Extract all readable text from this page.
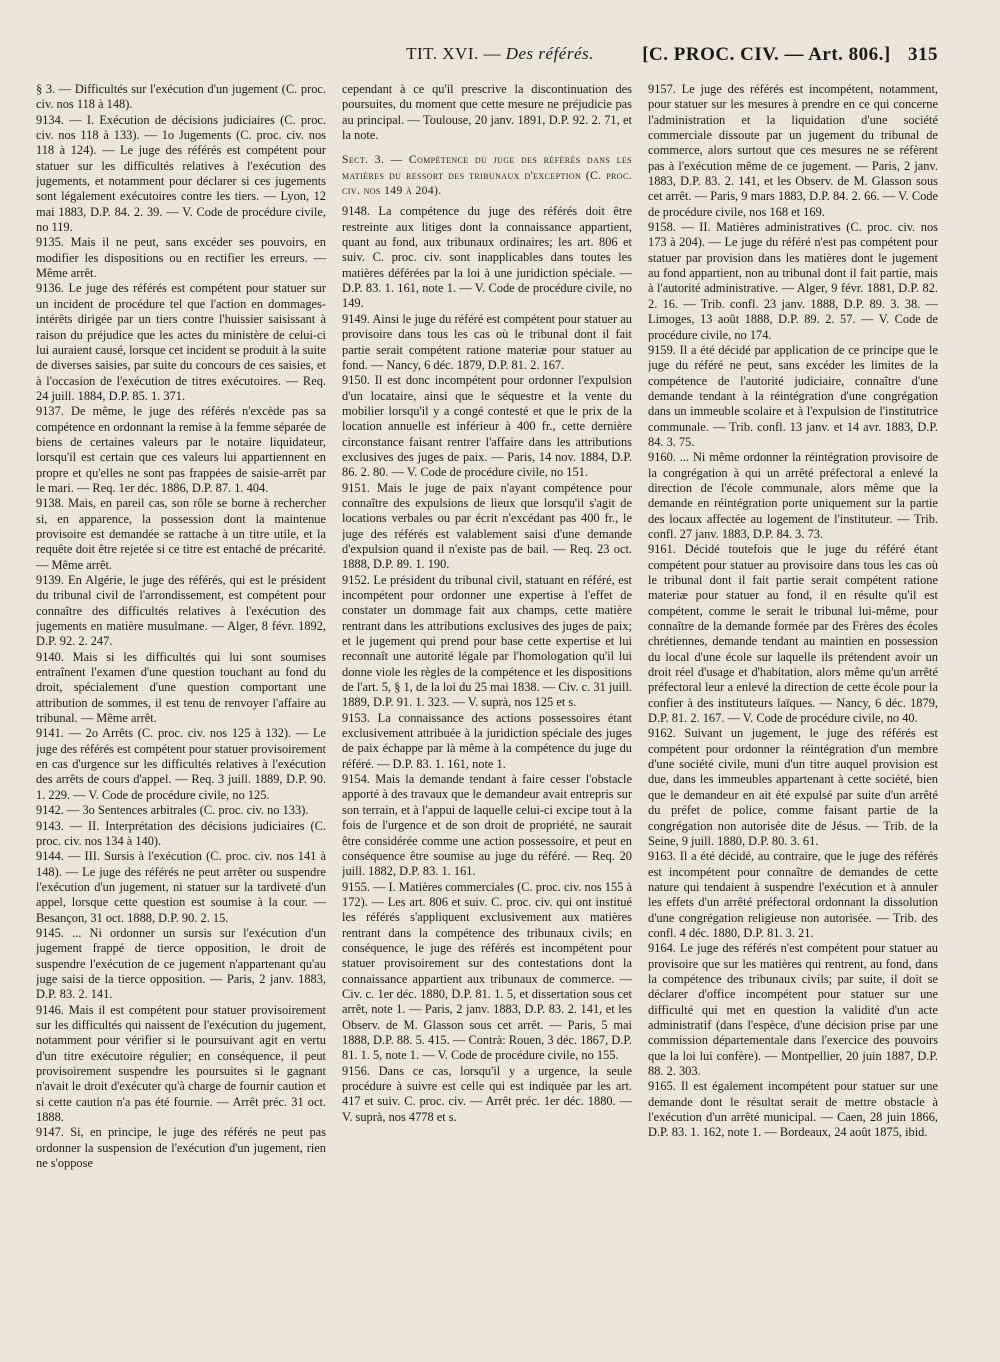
TIT. XVI. — Des référés.	[C. PROC. CIV. — Art. 806.] 315

§ 3. — Difficultés sur l'exécution d'un jugement (C. proc. civ. nos 118 à 148).

9134. — I. Exécution de décisions judiciaires (C. proc. civ. nos 118 à 133). — 1o Jugements (C. proc. civ. nos 118 à 124). — Le juge des référés est compétent pour statuer sur les difficultés relatives à l'exécution des jugements, et notamment pour déclarer si ces jugements sont légalement exécutoires contre les tiers. — Lyon, 12 mai 1883, D.P. 84. 2. 39. — V. Code de procédure civile, no 119.

9135. Mais il ne peut, sans excéder ses pouvoirs, en modifier les dispositions ou en rectifier les erreurs. — Même arrêt.

9136. Le juge des référés est compétent pour statuer sur un incident de procédure tel que l'action en dommages-intérêts dirigée par un tiers contre l'huissier saisissant à raison du préjudice que les actes du ministère de celui-ci lui auraient causé, lorsque cet incident se produit à la suite de diverses saisies, par suite du concours de ces saisies, et à l'occasion de l'exécution de titres exécutoires. — Req. 24 juill. 1884, D.P. 85. 1. 371.

9137. De même, le juge des référés n'excède pas sa compétence en ordonnant la remise à la femme séparée de biens de certaines valeurs par le notaire liquidateur, lorsqu'il est certain que ces valeurs lui appartiennent en propre et qu'elles ne sont pas frappées de saisie-arrêt par le mari. — Req. 1er déc. 1886, D.P. 87. 1. 404.

9138. Mais, en pareil cas, son rôle se borne à rechercher si, en apparence, la possession dont la maintenue provisoire est demandée se rattache à un titre utile, et la requête doit être rejetée si ce titre est entaché de précarité. — Même arrêt.

9139. En Algérie, le juge des référés, qui est le président du tribunal civil de l'arrondissement, est compétent pour connaître des difficultés relatives à l'exécution des jugements en matière musulmane. — Alger, 8 févr. 1892, D.P. 92. 2. 247.

9140. Mais si les difficultés qui lui sont soumises entraînent l'examen d'une question touchant au fond du droit, spécialement d'une question comportant une attribution de sommes, il est tenu de renvoyer l'affaire au tribunal. — Même arrêt.

9141. — 2o Arrêts (C. proc. civ. nos 125 à 132). — Le juge des référés est compétent pour statuer provisoirement en cas d'urgence sur les difficultés relatives à l'exécution des arrêts de cours d'appel. — Req. 3 juill. 1889, D.P. 90. 1. 229. — V. Code de procédure civile, no 125.

9142. — 3o Sentences arbitrales (C. proc. civ. no 133).

9143. — II. Interprétation des décisions judiciaires (C. proc. civ. nos 134 à 140).

9144. — III. Sursis à l'exécution (C. proc. civ. nos 141 à 148). — Le juge des référés ne peut arrêter ou suspendre l'exécution d'un jugement, ni statuer sur la tardiveté d'un appel, lorsque cette question est soumise à la cour. — Besançon, 31 oct. 1888, D.P. 90. 2. 15.

9145. ... Ni ordonner un sursis sur l'exécution d'un jugement frappé de tierce opposition, le droit de suspendre l'exécution de ce jugement n'appartenant qu'au juge saisi de la tierce opposition. — Paris, 2 janv. 1883, D.P. 83. 2. 141.

9146. Mais il est compétent pour statuer provisoirement sur les difficultés qui naissent de l'exécution du jugement, notamment pour vérifier si le poursuivant agit en vertu d'un titre exécutoire régulier; en conséquence, il peut provisoirement suspendre les poursuites si le gagnant n'avait le droit d'exécuter qu'à charge de fournir caution et si cette caution n'a pas été fournie. — Arrêt préc. 31 oct. 1888.

9147. Si, en principe, le juge des référés ne peut pas ordonner la suspension de l'exécution d'un jugement, rien ne s'oppose

cependant à ce qu'il prescrive la discontinuation des poursuites, du moment que cette mesure ne préjudicie pas au principal. — Toulouse, 20 janv. 1891, D.P. 92. 2. 71, et la note.

Sect. 3. — Compétence du juge des référés dans les matières du ressort des tribunaux d'exception (C. proc. civ. nos 149 à 204).

9148. La compétence du juge des référés doit être restreinte aux litiges dont la connaissance appartient, quant au fond, aux tribunaux ordinaires; les art. 806 et suiv. C. proc. civ. sont inapplicables dans toutes les matières déférées par la loi à une juridiction spéciale. — D.P. 83. 1. 161, note 1. — V. Code de procédure civile, no 149.

9149. Ainsi le juge du référé est compétent pour statuer au provisoire dans tous les cas où le tribunal dont il fait partie serait compétent ratione materiæ pour statuer au fond. — Nancy, 6 déc. 1879, D.P. 81. 2. 167.

9150. Il est donc incompétent pour ordonner l'expulsion d'un locataire, ainsi que le séquestre et la vente du mobilier lorsqu'il y a congé contesté et que le prix de la location annuelle est inférieur à 400 fr., cette dernière circonstance faisant rentrer l'affaire dans les attributions exclusives des juges de paix. — Paris, 14 nov. 1884, D.P. 86. 2. 80. — V. Code de procédure civile, no 151.

9151. Mais le juge de paix n'ayant compétence pour connaître des expulsions de lieux que lorsqu'il s'agit de locations verbales ou par écrit n'excédant pas 400 fr., le juge des référés est valablement saisi d'une demande d'expulsion quand il n'existe pas de bail. — Req. 23 oct. 1888, D.P. 89. 1. 190.

9152. Le président du tribunal civil, statuant en référé, est incompétent pour ordonner une expertise à l'effet de constater un dommage fait aux champs, cette matière rentrant dans les attributions exclusives des juges de paix; et le jugement qui prend pour base cette expertise et lui reconnaît une autorité légale par l'homologation qu'il lui donne viole les règles de la compétence et les dispositions de l'art. 5, § 1, de la loi du 25 mai 1838. — Civ. c. 31 juill. 1889, D.P. 91. 1. 323. — V. suprà, nos 125 et s.

9153. La connaissance des actions possessoires étant exclusivement attribuée à la juridiction spéciale des juges de paix échappe par là même à la compétence du juge du référé. — D.P. 83. 1. 161, note 1.

9154. Mais la demande tendant à faire cesser l'obstacle apporté à des travaux que le demandeur avait entrepris sur son terrain, et à l'appui de laquelle celui-ci excipe tout à la fois de l'urgence et de son droit de propriété, ne saurait être considérée comme une action possessoire, et peut en conséquence être soumise au juge du référé. — Req. 20 juill. 1882, D.P. 83. 1. 161.

9155. — I. Matières commerciales (C. proc. civ. nos 155 à 172). — Les art. 806 et suiv. C. proc. civ. qui ont institué les référés s'appliquent exclusivement aux matières rentrant dans la compétence des tribunaux civils; en conséquence, le juge des référés est incompétent pour statuer provisoirement sur des contestations dont la connaissance appartient aux tribunaux de commerce. — Civ. c. 1er déc. 1880, D.P. 81. 1. 5, et dissertation sous cet arrêt, note 1. — Paris, 2 janv. 1883, D.P. 83. 2. 141, et les Observ. de M. Glasson sous cet arrêt. — Paris, 5 mai 1888, D.P. 88. 5. 415. — Contrà: Rouen, 3 déc. 1867, D.P. 81. 1. 5, note 1. — V. Code de procédure civile, no 155.

9156. Dans ce cas, lorsqu'il y a urgence, la seule procédure à suivre est celle qui est indiquée par les art. 417 et suiv. C. proc. civ. — Arrêt préc. 1er déc. 1880. — V. suprà, nos 4778 et s.

9157. Le juge des référés est incompétent, notamment, pour statuer sur les mesures à prendre en ce qui concerne l'administration et la liquidation d'une société commerciale dissoute par un jugement du tribunal de commerce, alors surtout que ces mesures ne se réfèrent pas à l'exécution même de ce jugement. — Paris, 2 janv. 1883, D.P. 83. 2. 141, et les Observ. de M. Glasson sous cet arrêt. — Paris, 9 mars 1883, D.P. 84. 2. 66. — V. Code de procédure civile, nos 168 et 169.

9158. — II. Matières administratives (C. proc. civ. nos 173 à 204). — Le juge du référé n'est pas compétent pour statuer par provision dans les matières dont le jugement au fond appartient, non au tribunal dont il fait partie, mais à l'autorité administrative. — Alger, 9 févr. 1881, D.P. 82. 2. 16. — Trib. confl. 23 janv. 1888, D.P. 89. 3. 38. — Limoges, 13 août 1888, D.P. 89. 2. 57. — V. Code de procédure civile, no 174.

9159. Il a été décidé par application de ce principe que le juge du référé ne peut, sans excéder les limites de la compétence de l'autorité judiciaire, connaître d'une demande tendant à la réintégration d'une congrégation dans un immeuble scolaire et à l'expulsion de l'institutrice communale. — Trib. confl. 13 janv. et 14 avr. 1883, D.P. 84. 3. 75.

9160. ... Ni même ordonner la réintégration provisoire de la congrégation à qui un arrêté préfectoral a enlevé la direction de l'école communale, alors même que la demande en réintégration porte uniquement sur la partie des locaux affectée au logement de l'instituteur. — Trib. confl. 27 janv. 1883, D.P. 84. 3. 73.

9161. Décidé toutefois que le juge du référé étant compétent pour statuer au provisoire dans tous les cas où le tribunal dont il fait partie serait compétent ratione materiæ pour statuer au fond, il en résulte qu'il est compétent, comme le serait le tribunal lui-même, pour connaître de la demande formée par des Frères des écoles chrétiennes, demande tendant au maintien en possession du local d'une école sur laquelle ils prétendent avoir un droit réel d'usage et d'habitation, alors même qu'un arrêté préfectoral leur a enlevé la direction de cette école pour la confier à des instituteurs laïques. — Nancy, 6 déc. 1879, D.P. 81. 2. 167. — V. Code de procédure civile, no 40.

9162. Suivant un jugement, le juge des référés est compétent pour ordonner la réintégration d'un membre d'une société civile, muni d'un titre auquel provision est due, dans les immeubles appartenant à cette société, bien que le demandeur en ait été expulsé par suite d'un arrêté du préfet de police, comme faisant partie de la congrégation non autorisée dite de Jésus. — Trib. de la Seine, 9 juill. 1880, D.P. 80. 3. 61.

9163. Il a été décidé, au contraire, que le juge des référés est incompétent pour connaître de demandes de cette nature qui tendaient à suspendre l'exécution et à annuler les effets d'un arrêté préfectoral ordonnant la dissolution d'une congrégation religieuse non autorisée. — Trib. des confl. 4 déc. 1880, D.P. 81. 3. 21.

9164. Le juge des référés n'est compétent pour statuer au provisoire que sur les matières qui rentrent, au fond, dans la compétence des tribunaux civils; par suite, il doit se déclarer d'office incompétent pour statuer sur une difficulté qui met en question la validité d'un acte administratif (dans l'espèce, d'une décision prise par une commission départementale dans l'exercice des pouvoirs que la loi lui confère). — Montpellier, 20 juin 1887, D.P. 88. 2. 303.

9165. Il est également incompétent pour statuer sur une demande dont le résultat serait de mettre obstacle à l'exécution d'un arrêté municipal. — Caen, 28 juin 1866, D.P. 83. 1. 162, note 1. — Bordeaux, 24 août 1875, ibid.
